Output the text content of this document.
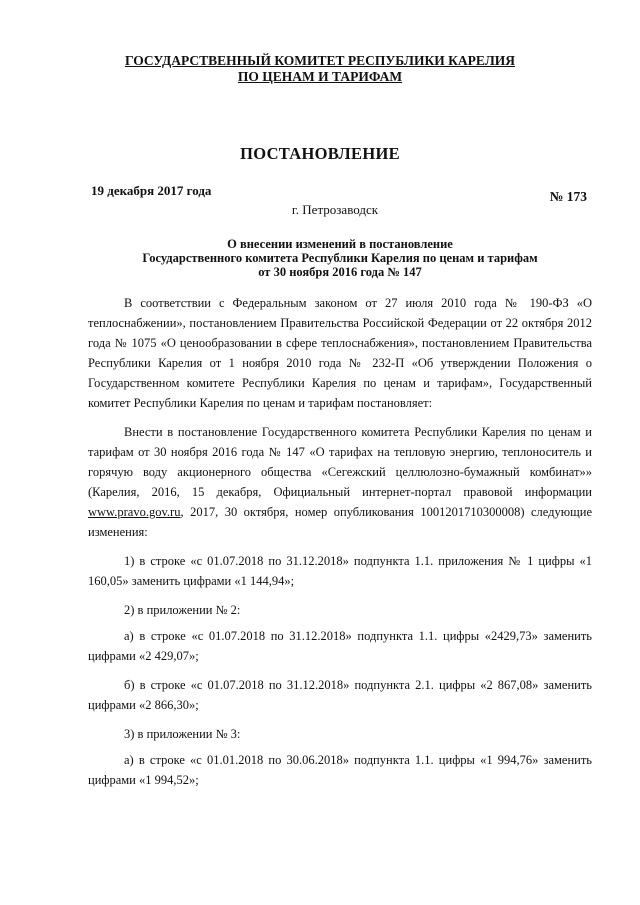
ГОСУДАРСТВЕННЫЙ КОМИТЕТ РЕСПУБЛИКИ КАРЕЛИЯ
ПО ЦЕНАМ И ТАРИФАМ
ПОСТАНОВЛЕНИЕ
19 декабря 2017 года	№ 173
г. Петрозаводск
О внесении изменений в постановление
Государственного комитета Республики Карелия по ценам и тарифам
от 30 ноября 2016 года № 147

В соответствии с Федеральным законом от 27 июля 2010 года № 190-ФЗ «О теплоснабжении», постановлением Правительства Российской Федерации от 22 октября 2012 года № 1075 «О ценообразовании в сфере теплоснабжения», постановлением Правительства Республики Карелия от 1 ноября 2010 года № 232-П «Об утверждении Положения о Государственном комитете Республики Карелия по ценам и тарифам», Государственный комитет Республики Карелия по ценам и тарифам постановляет:

Внести в постановление Государственного комитета Республики Карелия по ценам и тарифам от 30 ноября 2016 года № 147 «О тарифах на тепловую энергию, теплоноситель и горячую воду акционерного общества «Сегежский целлюлозно-бумажный комбинат»» (Карелия, 2016, 15 декабря, Официальный интернет-портал правовой информации www.pravo.gov.ru, 2017, 30 октября, номер опубликования 1001201710300008) следующие изменения:

1) в строке «с 01.07.2018 по 31.12.2018» подпункта 1.1. приложения № 1 цифры «1 160,05» заменить цифрами «1 144,94»;

2) в приложении № 2:

а) в строке «с 01.07.2018 по 31.12.2018» подпункта 1.1. цифры «2429,73» заменить цифрами «2 429,07»;

б) в строке «с 01.07.2018 по 31.12.2018» подпункта 2.1. цифры «2 867,08» заменить цифрами «2 866,30»;

3) в приложении № 3:

а) в строке «с 01.01.2018 по 30.06.2018» подпункта 1.1. цифры «1 994,76» заменить цифрами «1 994,52»;
